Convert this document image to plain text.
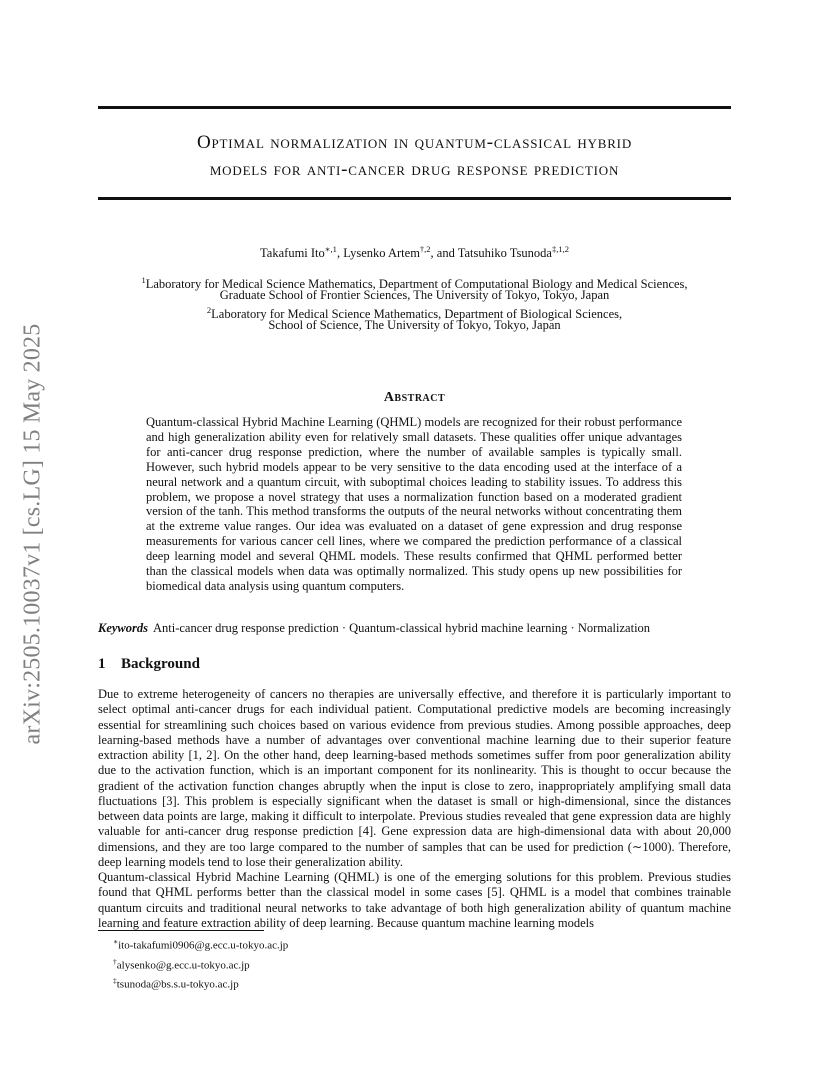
arXiv:2505.10037v1 [cs.LG] 15 May 2025
Optimal normalization in quantum-classical hybrid
models for anti-cancer drug response prediction
Takafumi Ito$^{∗,1}$, Lysenko Artem$^{\dagger,2}$, and Tatsuhiko Tsunoda$^{\ddagger,1,2}$
$^1$Laboratory for Medical Science Mathematics, Department of Computational Biology and Medical Sciences,
Graduate School of Frontier Sciences, The University of Tokyo, Tokyo, Japan
$^2$Laboratory for Medical Science Mathematics, Department of Biological Sciences,
School of Science, The University of Tokyo, Tokyo, Japan
Abstract
Quantum-classical Hybrid Machine Learning (QHML) models are recognized for their robust performance and high generalization ability even for relatively small datasets. These qualities offer unique advantages for anti-cancer drug response prediction, where the number of available samples is typically small. However, such hybrid models appear to be very sensitive to the data encoding used at the interface of a neural network and a quantum circuit, with suboptimal choices leading to stability issues. To address this problem, we propose a novel strategy that uses a normalization function based on a moderated gradient version of the tanh. This method transforms the outputs of the neural networks without concentrating them at the extreme value ranges. Our idea was evaluated on a dataset of gene expression and drug response measurements for various cancer cell lines, where we compared the prediction performance of a classical deep learning model and several QHML models. These results confirmed that QHML performed better than the classical models when data was optimally normalized. This study opens up new possibilities for biomedical data analysis using quantum computers.
Keywords Anti-cancer drug response prediction · Quantum-classical hybrid machine learning · Normalization
1 Background

Due to extreme heterogeneity of cancers no therapies are universally effective, and therefore it is particularly important to select optimal anti-cancer drugs for each individual patient. Computational predictive models are becoming increasingly essential for streamlining such choices based on various evidence from previous studies. Among possible approaches, deep learning-based methods have a number of advantages over conventional machine learning due to their superior feature extraction ability [1, 2]. On the other hand, deep learning-based methods sometimes suffer from poor generalization ability due to the activation function, which is an important component for its nonlinearity. This is thought to occur because the gradient of the activation function changes abruptly when the input is close to zero, inappropriately amplifying small data fluctuations [3]. This problem is especially significant when the dataset is small or high-dimensional, since the distances between data points are large, making it difficult to interpolate. Previous studies revealed that gene expression data are highly valuable for anti-cancer drug response prediction [4]. Gene expression data are high-dimensional data with about 20,000 dimensions, and they are too large compared to the number of samples that can be used for prediction (∼1000). Therefore, deep learning models tend to lose their generalization ability.

Quantum-classical Hybrid Machine Learning (QHML) is one of the emerging solutions for this problem. Previous studies found that QHML performs better than the classical model in some cases [5]. QHML is a model that combines trainable quantum circuits and traditional neural networks to take advantage of both high generalization ability of quantum machine learning and feature extraction ability of deep learning. Because quantum machine learning models

∗ito-takafumi0906@g.ecc.u-tokyo.ac.jp
†alysenko@g.ecc.u-tokyo.ac.jp
‡tsunoda@bs.s.u-tokyo.ac.jp
